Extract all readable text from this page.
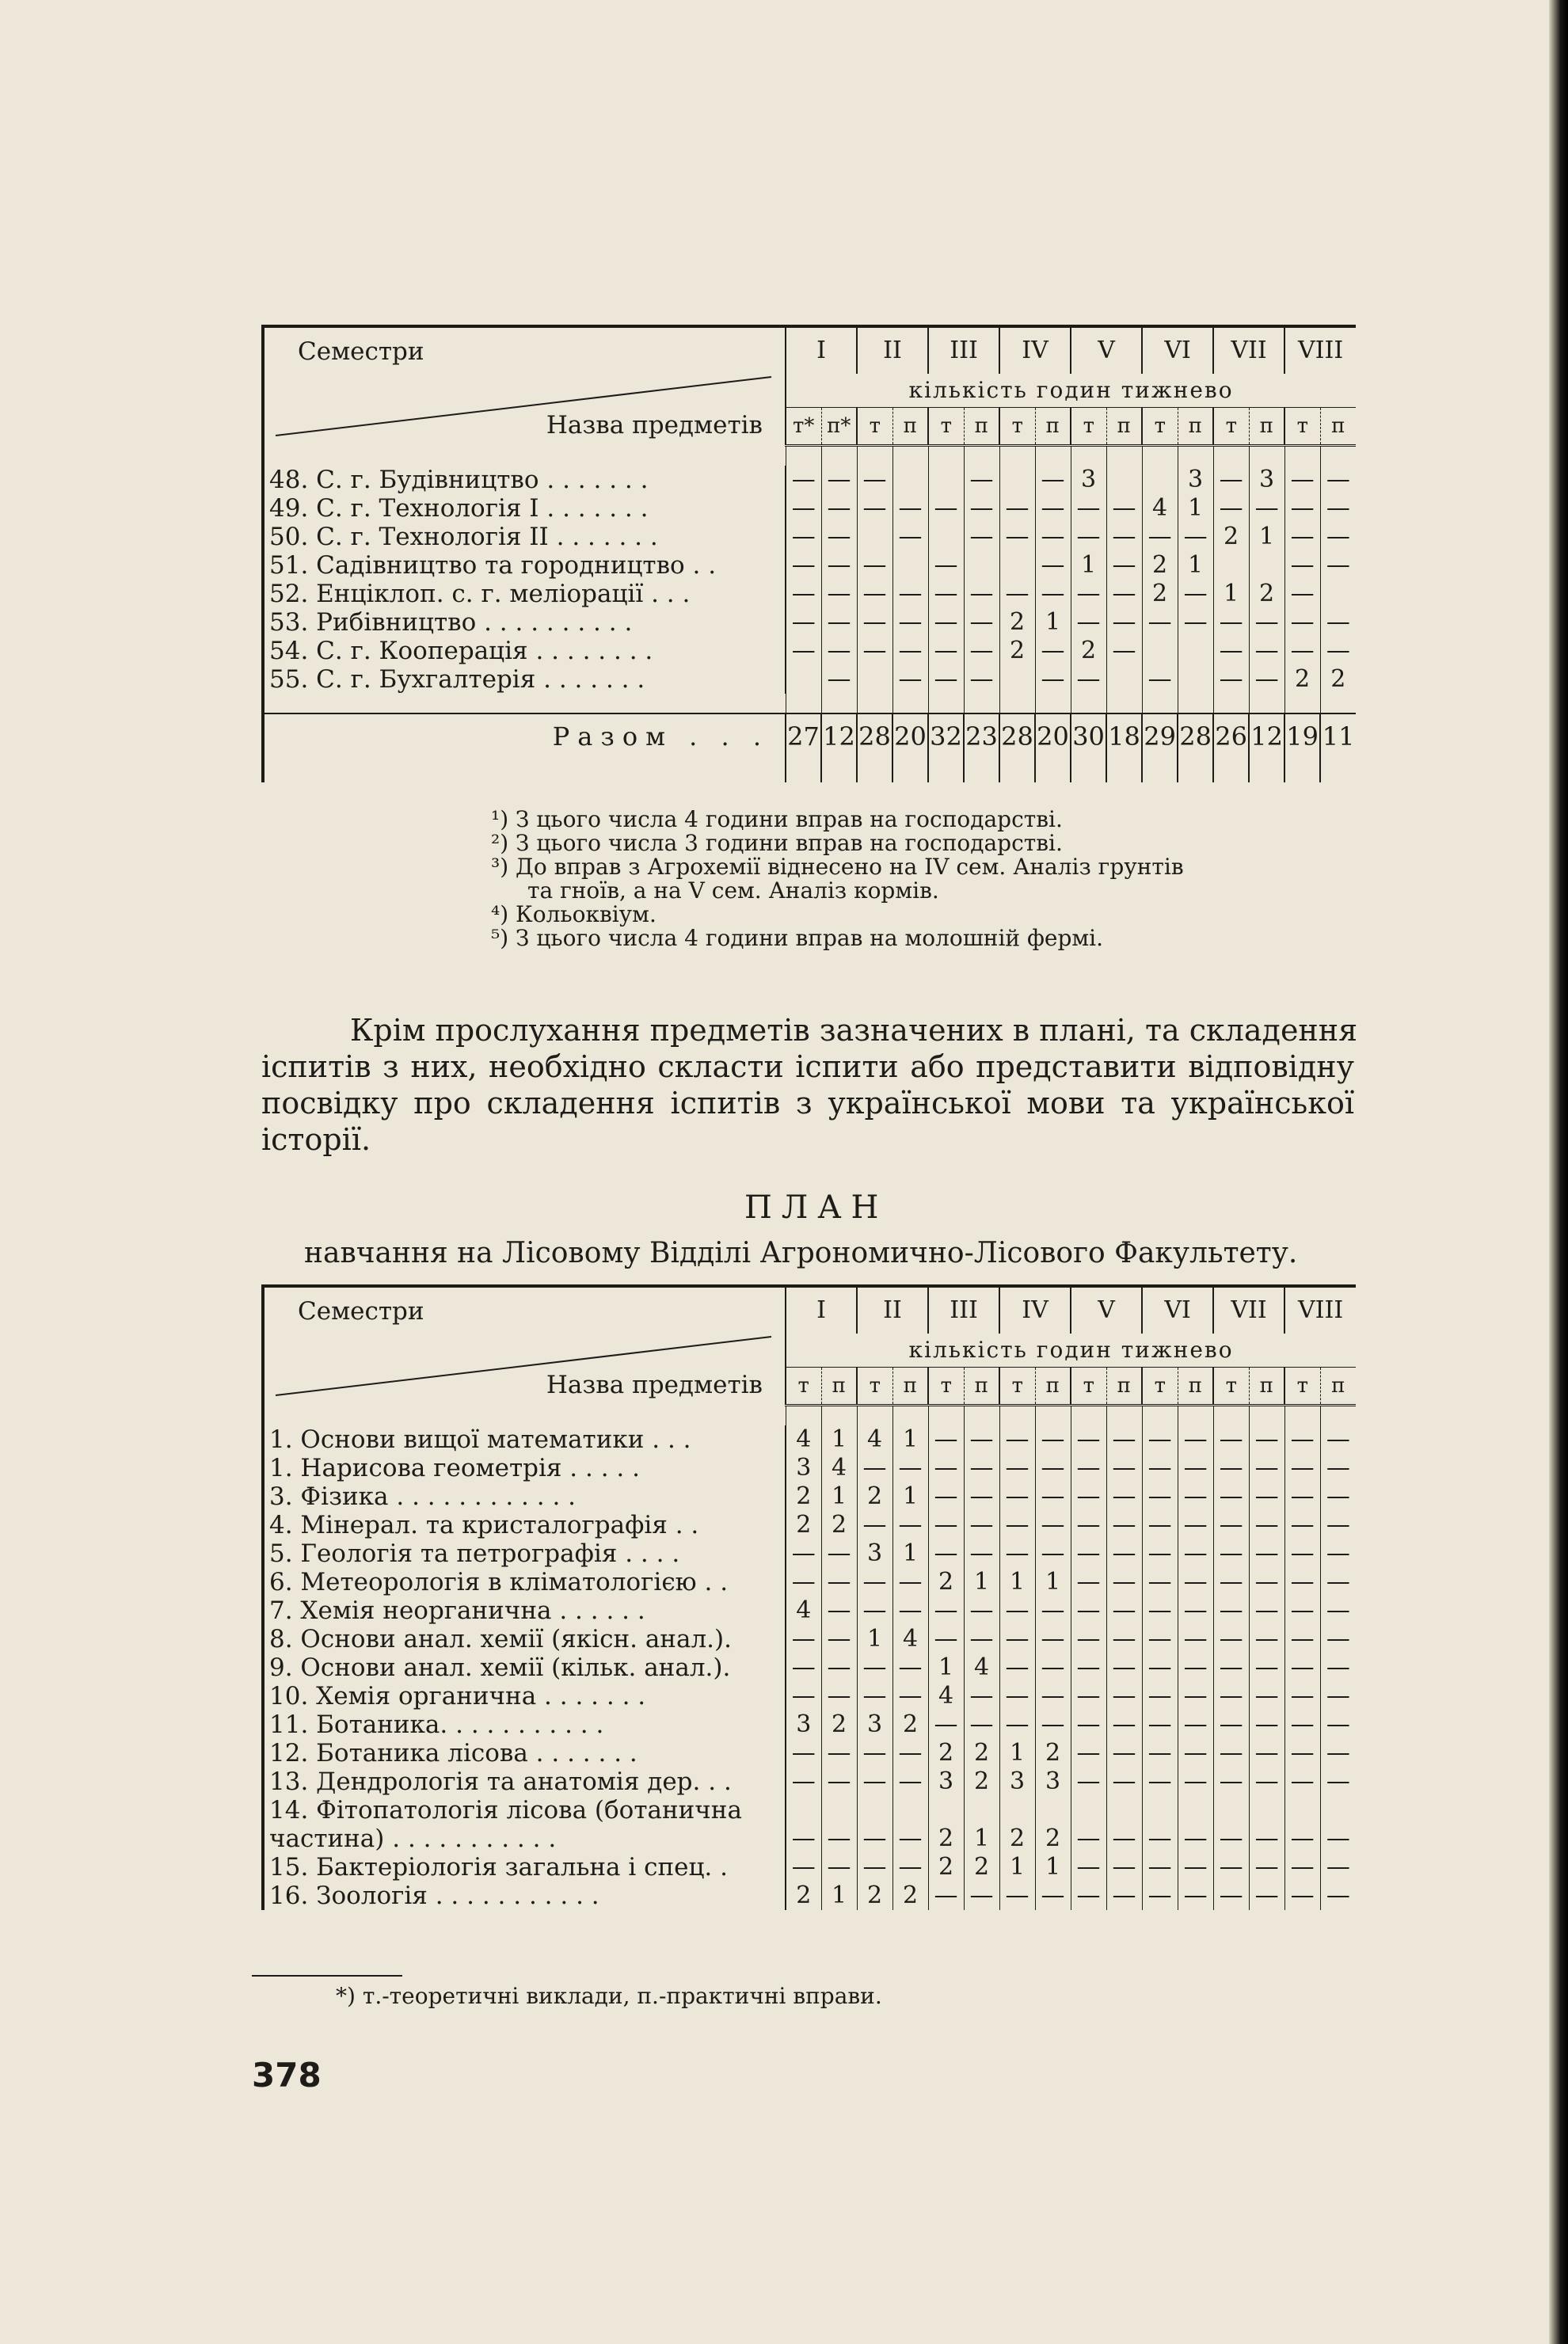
Семестри
Назва предметів	I		II		III		IV		V		VI		VII		VIII	
	кількість годин тижнево															
	т*	п*	т	п	т	п	т	п	т	п	т	п	т	п	т	п

48. С. г. Будівництво . . . . . . .	—	—	—			—		—	3			3	—	3	—	—
49. С. г. Технологія I . . . . . . .	—	—	—	—	—	—	—	—	—	—	4	1	—	—	—	—
50. С. г. Технологія II . . . . . . .	—	—		—		—	—	—	—	—	—	—	2	1	—	—
51. Садівництво та городництво . .	—	—	—		—			—	1	—	2	1			—	—
52. Енціклоп. с. г. меліорації . . .	—	—	—	—	—	—	—	—	—	—	2	—	1	2	—	
53. Рибівництво . . . . . . . . . .	—	—	—	—	—	—	2	1	—	—	—	—	—	—	—	—
54. С. г. Кооперація . . . . . . . .	—	—	—	—	—	—	2	—	2	—			—	—	—	—
55. С. г. Бухгалтерія . . . . . . .		—		—	—	—		—	—		—		—	—	2	2

Разом . . .	27	12	28	20	32	23	28	20	30	18	29	28	26	12	19	11

¹) З цього числа 4 години вправ на господарстві.
²) З цього числа 3 години вправ на господарстві.
³) До вправ з Агрохемії віднесено на IV сем. Аналіз грунтів
та гноїв, а на V сем. Аналіз кормів.
⁴) Кольоквіум.
⁵) З цього числа 4 години вправ на молошній фермі.
Крім прослухання предметів зазначених в плані, та складення
іспитів з них, необхідно скласти іспити або представити відповідну
посвідку про складення іспитів з української мови та української
історії.
ПЛАН
навчання на Лісовому Відділі Агрономично-Лісового Факультету.
Семестри
Назва предметів	I		II		III		IV		V		VI		VII		VIII	
	кількість годин тижнево															
	т	п	т	п	т	п	т	п	т	п	т	п	т	п	т	п

1. Основи вищої математики . . .	4	1	4	1	—	—	—	—	—	—	—	—	—	—	—	—
1. Нарисова геометрія . . . . .	3	4	—	—	—	—	—	—	—	—	—	—	—	—	—	—
3. Фізика . . . . . . . . . . . .	2	1	2	1	—	—	—	—	—	—	—	—	—	—	—	—
4. Мінерал. та кристалографія . .	2	2	—	—	—	—	—	—	—	—	—	—	—	—	—	—
5. Геологія та петрографія . . . .	—	—	3	1	—	—	—	—	—	—	—	—	—	—	—	—
6. Метеорологія в кліматологією . .	—	—	—	—	2	1	1	1	—	—	—	—	—	—	—	—
7. Хемія неорганична . . . . . .	4	—	—	—	—	—	—	—	—	—	—	—	—	—	—	—
8. Основи анал. хемії (якісн. анал.).	—	—	1	4	—	—	—	—	—	—	—	—	—	—	—	—
9. Основи анал. хемії (кільк. анал.).	—	—	—	—	1	4	—	—	—	—	—	—	—	—	—	—
10. Хемія органична . . . . . . .	—	—	—	—	4	—	—	—	—	—	—	—	—	—	—	—
11. Ботаника. . . . . . . . . . .	3	2	3	2	—	—	—	—	—	—	—	—	—	—	—	—
12. Ботаника лісова . . . . . . .	—	—	—	—	2	2	1	2	—	—	—	—	—	—	—	—
13. Дендрологія та анатомія дер. . .	—	—	—	—	3	2	3	3	—	—	—	—	—	—	—	—
14. Фітопатологія лісова (ботанична																
частина) . . . . . . . . . . .	—	—	—	—	2	1	2	2	—	—	—	—	—	—	—	—
15. Бактеріологія загальна і спец. .	—	—	—	—	2	2	1	1	—	—	—	—	—	—	—	—
16. Зоологія . . . . . . . . . . .	2	1	2	2	—	—	—	—	—	—	—	—	—	—	—	—
*) т.-теоретичні виклади, п.-практичні вправи.
378
